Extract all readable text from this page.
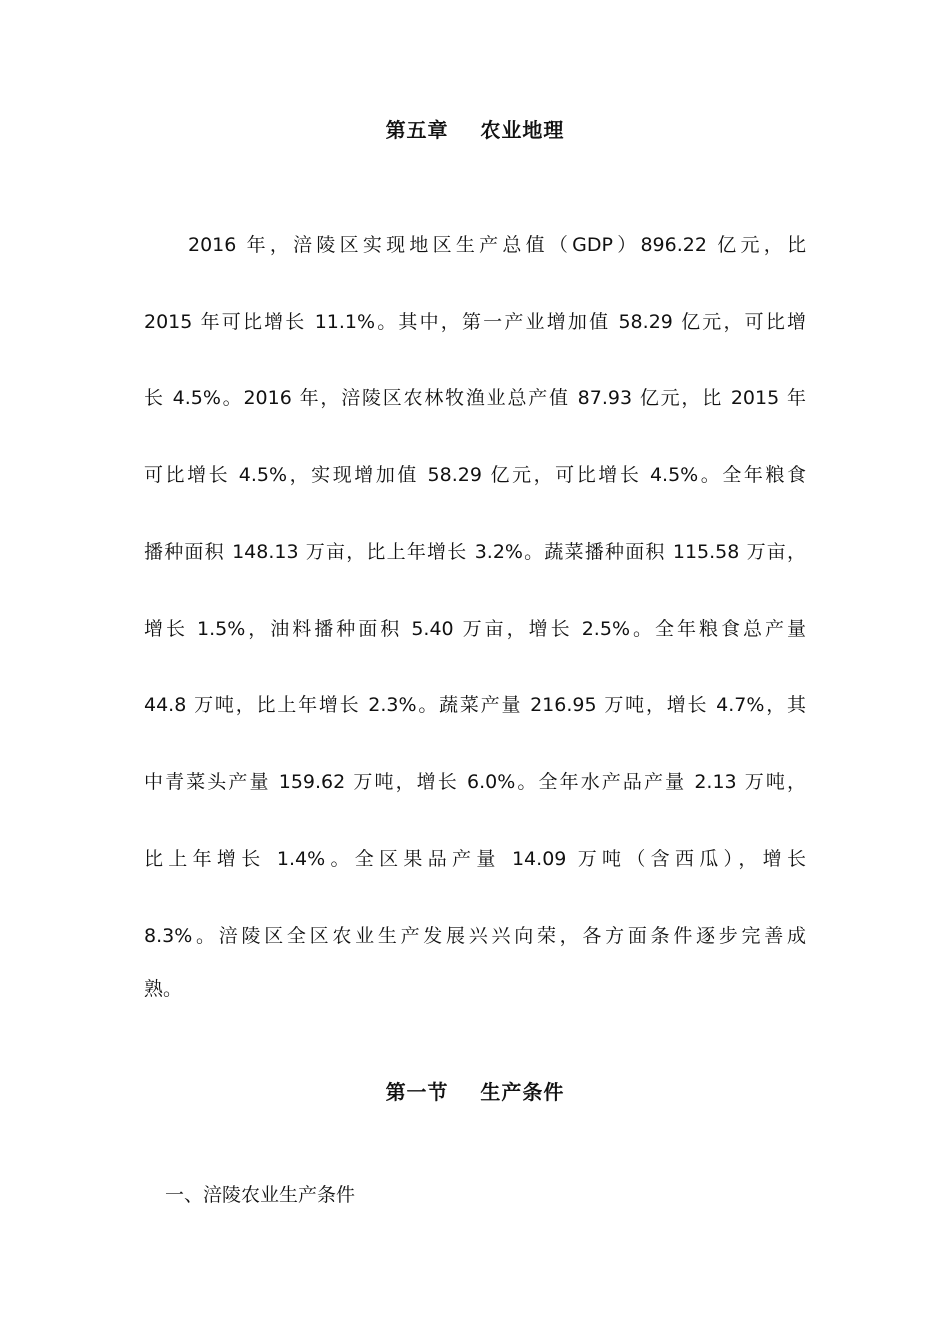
第五章    农业地理
2016 年，涪陵区实现地区生产总值（GDP）896.22 亿元，比
2015 年可比增长 11.1%。其中，第一产业增加值 58.29 亿元，可比增
长 4.5%。2016 年，涪陵区农林牧渔业总产值 87.93 亿元，比 2015 年
可比增长 4.5%，实现增加值 58.29 亿元，可比增长 4.5%。全年粮食
播种面积 148.13 万亩，比上年增长 3.2%。蔬菜播种面积 115.58 万亩，
增长 1.5%，油料播种面积 5.40 万亩，增长 2.5%。全年粮食总产量
44.8 万吨，比上年增长 2.3%。蔬菜产量 216.95 万吨，增长 4.7%，其
中青菜头产量 159.62 万吨，增长 6.0%。全年水产品产量 2.13 万吨，
比上年增长 1.4%。全区果品产量 14.09 万吨（含西瓜），增长
8.3%。涪陵区全区农业生产发展兴兴向荣，各方面条件逐步完善成
熟。
第一节    生产条件
一、涪陵农业生产条件
